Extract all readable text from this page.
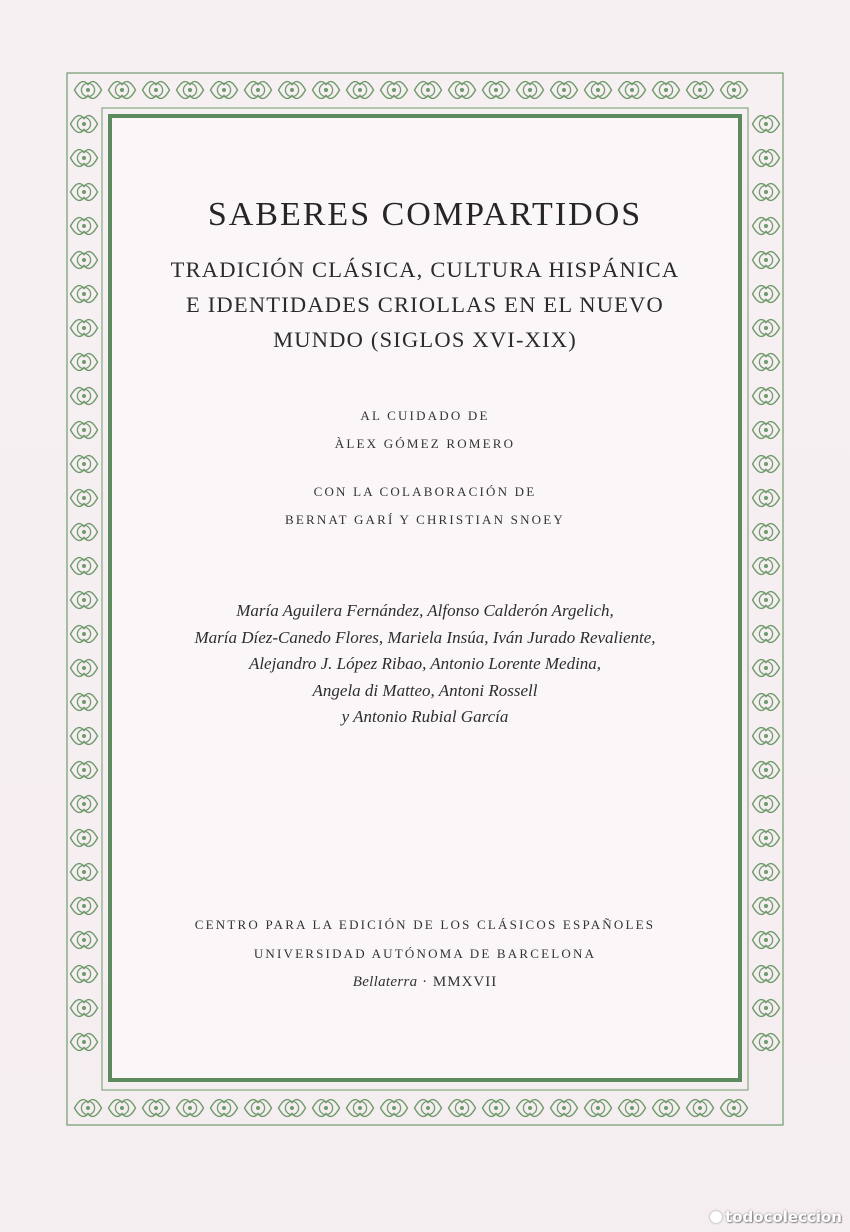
SABERES COMPARTIDOS
TRADICIÓN CLÁSICA, CULTURA HISPÁNICA
E IDENTIDADES CRIOLLAS EN EL NUEVO
MUNDO (SIGLOS XVI-XIX)
AL CUIDADO DE
ÀLEX GÓMEZ ROMERO
CON LA COLABORACIÓN DE
BERNAT GARÍ Y CHRISTIAN SNOEY
María Aguilera Fernández, Alfonso Calderón Argelich,
María Díez-Canedo Flores, Mariela Insúa, Iván Jurado Revaliente,
Alejandro J. López Ribao, Antonio Lorente Medina,
Angela di Matteo, Antoni Rossell
y Antonio Rubial García
CENTRO PARA LA EDICIÓN DE LOS CLÁSICOS ESPAÑOLES
UNIVERSIDAD AUTÓNOMA DE BARCELONA
Bellaterra · MMXVII
todocoleccion
